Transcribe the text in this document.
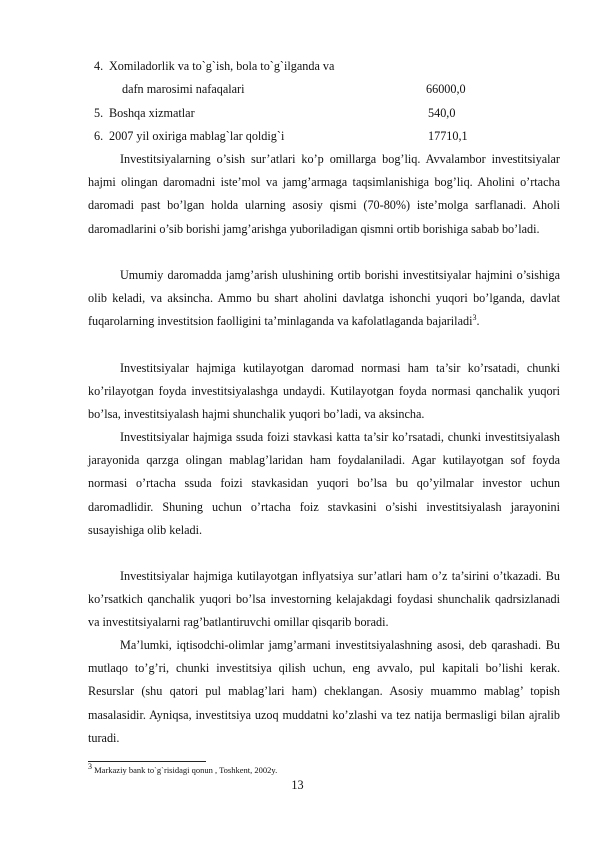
4. Xomiladorlik va to`g`ish, bola to`g`ilganda va
dafn marosimi nafaqalari	66000,0
5. Boshqa xizmatlar	540,0
6. 2007 yil oxiriga mablag`lar qoldig`i	17710,1
Investitsiyalarning o’sish sur’atlari ko’p omillarga bog’liq. Avvalambor investitsiyalar hajmi olingan daromadni iste’mol va jamg’armaga taqsimlanishiga bog’liq. Aholini o’rtacha daromadi past bo’lgan holda ularning asosiy qismi (70-80%) iste’molga sarflanadi. Aholi daromadlarini o’sib borishi jamg’arishga yuboriladigan qismni ortib borishiga sabab bo’ladi.
Umumiy daromadda jamg’arish ulushining ortib borishi investitsiyalar hajmini o’sishiga olib keladi, va aksincha. Ammo bu shart aholini davlatga ishonchi yuqori bo’lganda, davlat fuqarolarning investitsion faolligini ta’minlaganda va kafolatlaganda bajariladi$^3$.
Investitsiyalar hajmiga kutilayotgan daromad normasi ham ta’sir ko’rsatadi, chunki ko’rilayotgan foyda investitsiyalashga undaydi. Kutilayotgan foyda normasi qanchalik yuqori bo’lsa, investitsiyalash hajmi shunchalik yuqori bo’ladi, va aksincha.
Investitsiyalar hajmiga ssuda foizi stavkasi katta ta’sir ko’rsatadi, chunki investitsiyalash jarayonida qarzga olingan mablag’laridan ham foydalaniladi. Agar kutilayotgan sof foyda normasi o’rtacha ssuda foizi stavkasidan yuqori bo’lsa bu qo’yilmalar investor uchun daromadlidir. Shuning uchun o’rtacha foiz stavkasini o’sishi investitsiyalash jarayonini susayishiga olib keladi.
Investitsiyalar hajmiga kutilayotgan inflyatsiya sur’atlari ham o’z ta’sirini o’tkazadi. Bu ko’rsatkich qanchalik yuqori bo’lsa investorning kelajakdagi foydasi shunchalik qadrsizlanadi va investitsiyalarni rag’batlantiruvchi omillar qisqarib boradi.
Ma’lumki, iqtisodchi-olimlar jamg’armani investitsiyalashning asosi, deb qarashadi. Bu mutlaqo to’g’ri, chunki investitsiya qilish uchun, eng avvalo, pul kapitali bo’lishi kerak. Resurslar (shu qatori pul mablag’lari ham) cheklangan. Asosiy muammo mablag’ topish masalasidir. Ayniqsa, investitsiya uzoq muddatni ko’zlashi va tez natija bermasligi bilan ajralib turadi.
$^3$ Markaziy bank to`g`risidagi qonun , Toshkent, 2002y.
13
